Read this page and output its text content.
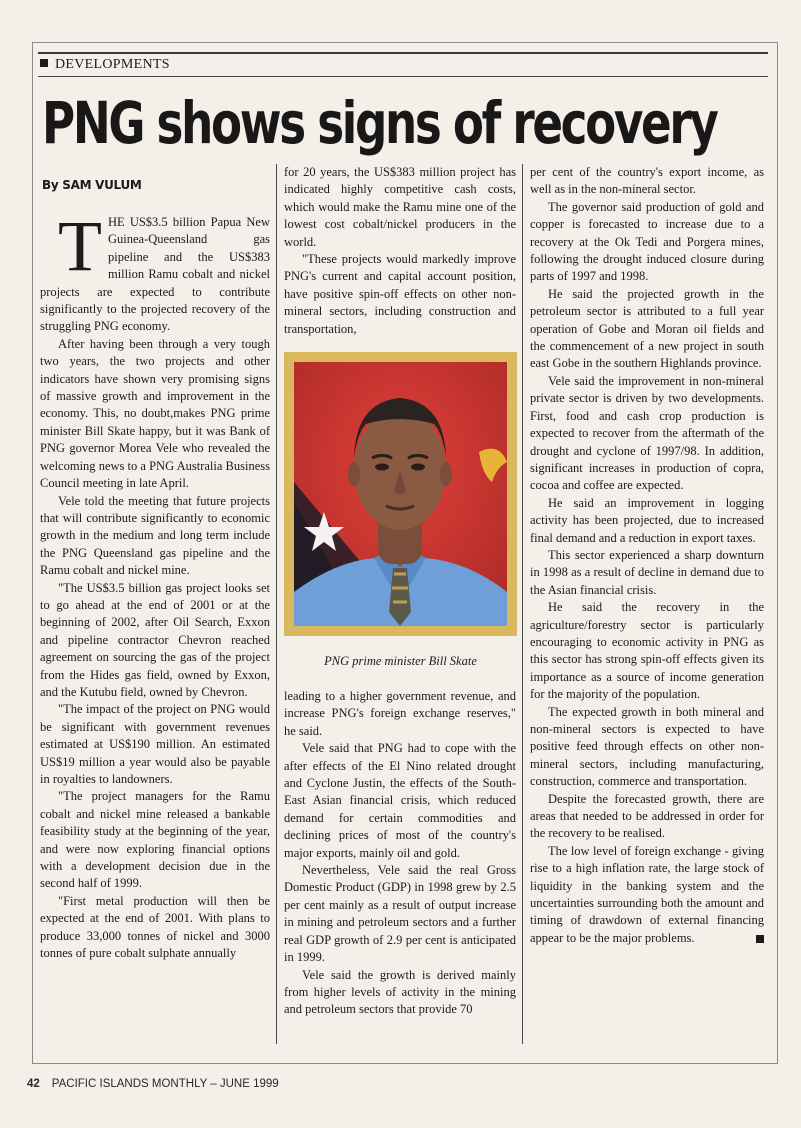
DEVELOPMENTS
PNG shows signs of recovery
By SAM VULUM

THE US$3.5 billion Papua New Guinea-Queensland gas pipeline and the US$383 million Ramu cobalt and nickel projects are expected to contribute significantly to the projected recovery of the struggling PNG economy.

After having been through a very tough two years, the two projects and other indicators have shown very promising signs of massive growth and improvement in the economy. This, no doubt,makes PNG prime minister Bill Skate happy, but it was Bank of PNG governor Morea Vele who revealed the welcoming news to a PNG Australia Business Council meeting in late April.

Vele told the meeting that future projects that will contribute significantly to economic growth in the medium and long term include the PNG Queensland gas pipeline and the Ramu cobalt and nickel mine.

"The US$3.5 billion gas project looks set to go ahead at the end of 2001 or at the beginning of 2002, after Oil Search, Exxon and pipeline contractor Chevron reached agreement on sourcing the gas of the project from the Hides gas field, owned by Exxon, and the Kutubu field, owned by Chevron.

"The impact of the project on PNG would be significant with government revenues estimated at US$190 million. An estimated US$19 million a year would also be payable in royalties to landowners.

"The project managers for the Ramu cobalt and nickel mine released a bankable feasibility study at the beginning of the year, and were now exploring financial options with a development decision due in the second half of 1999.

"First metal production will then be expected at the end of 2001. With plans to produce 33,000 tonnes of nickel and 3000 tonnes of pure cobalt sulphate annually

for 20 years, the US$383 million project has indicated highly competitive cash costs, which would make the Ramu mine one of the lowest cost cobalt/nickel producers in the world.

"These projects would markedly improve PNG's current and capital account position, have positive spin-off effects on other non-mineral sectors, including construction and transportation,

PNG prime minister Bill Skate

leading to a higher government revenue, and increase PNG's foreign exchange reserves," he said.

Vele said that PNG had to cope with the after effects of the El Nino related drought and Cyclone Justin, the effects of the South-East Asian financial crisis, which reduced demand for certain commodities and declining prices of most of the country's major exports, mainly oil and gold.

Nevertheless, Vele said the real Gross Domestic Product (GDP) in 1998 grew by 2.5 per cent mainly as a result of output increase in mining and petroleum sectors and a further real GDP growth of 2.9 per cent is anticipated in 1999.

Vele said the growth is derived mainly from higher levels of activity in the mining and petroleum sectors that provide 70

per cent of the country's export income, as well as in the non-mineral sector.

The governor said production of gold and copper is forecasted to increase due to a recovery at the Ok Tedi and Porgera mines, following the drought induced closure during parts of 1997 and 1998.

He said the projected growth in the petroleum sector is attributed to a full year operation of Gobe and Moran oil fields and the commencement of a new project in south east Gobe in the southern Highlands province.

Vele said the improvement in non-mineral private sector is driven by two developments. First, food and cash crop production is expected to recover from the aftermath of the drought and cyclone of 1997/98. In addition, significant increases in production of copra, cocoa and coffee are expected.

He said an improvement in logging activity has been projected, due to increased final demand and a reduction in export taxes.

This sector experienced a sharp downturn in 1998 as a result of decline in demand due to the Asian financial crisis.

He said the recovery in the agriculture/forestry sector is particularly encouraging to economic activity in PNG as this sector has strong spin-off effects given its importance as a source of income generation for the majority of the population.

The expected growth in both mineral and non-mineral sectors is expected to have positive feed through effects on other non-mineral sectors, including manufacturing, construction, commerce and transportation.

Despite the forecasted growth, there are areas that needed to be addressed in order for the recovery to be realised.

The low level of foreign exchange - giving rise to a high inflation rate, the large stock of liquidity in the banking system and the uncertainties surrounding both the amount and timing of drawdown of external financing appear to be the major problems.

42 PACIFIC ISLANDS MONTHLY – JUNE 1999
